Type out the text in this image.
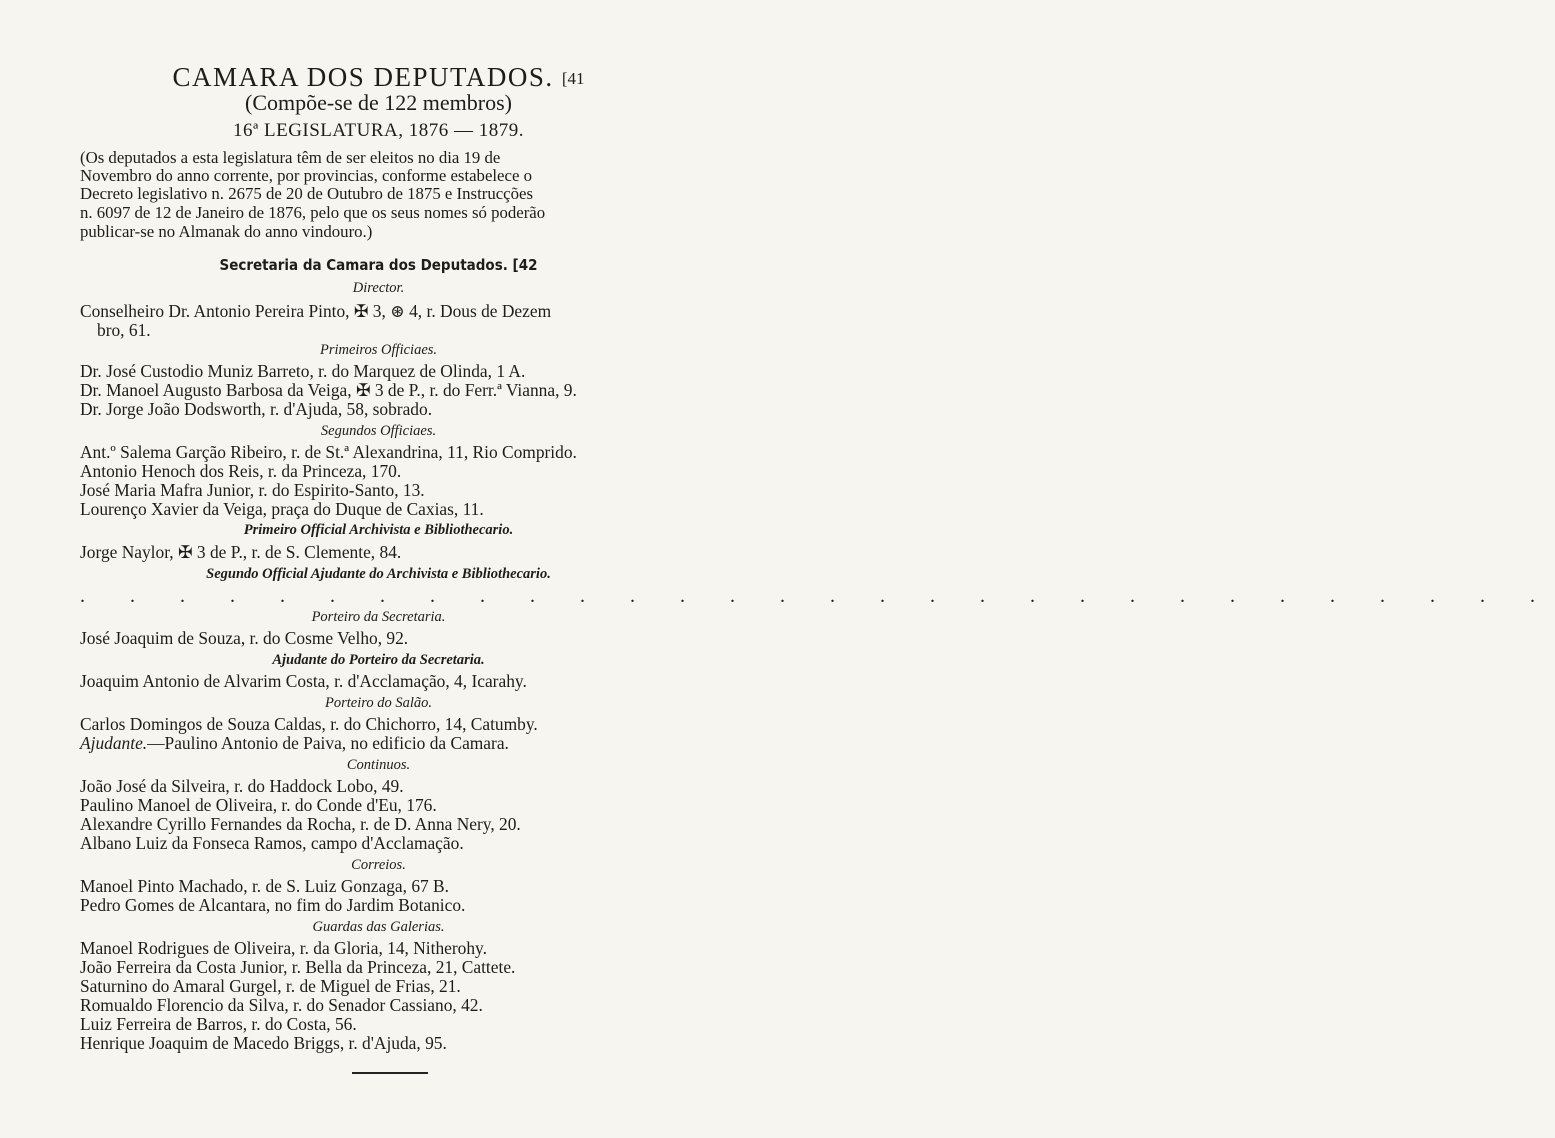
CAMARA DOS DEPUTADOS. [41
(Compõe-se de 122 membros)
16ª LEGISLATURA, 1876 — 1879.
(Os deputados a esta legislatura têm de ser eleitos no dia 19 de
Novembro do anno corrente, por provincias, conforme estabelece o
Decreto legislativo n. 2675 de 20 de Outubro de 1875 e Instrucções
n. 6097 de 12 de Janeiro de 1876, pelo que os seus nomes só poderão
publicar-se no Almanak do anno vindouro.)
Secretaria da Camara dos Deputados. [42
Director.
Conselheiro Dr. Antonio Pereira Pinto, ✠ 3, ⊛ 4, r. Dous de Dezem
bro, 61.
Primeiros Officiaes.
Dr. José Custodio Muniz Barreto, r. do Marquez de Olinda, 1 A.
Dr. Manoel Augusto Barbosa da Veiga, ✠ 3 de P., r. do Ferr.ª Vianna, 9.
Dr. Jorge João Dodsworth, r. d'Ajuda, 58, sobrado.
Segundos Officiaes.
Ant.º Salema Garção Ribeiro, r. de St.ª Alexandrina, 11, Rio Comprido.
Antonio Henoch dos Reis, r. da Princeza, 170.
José Maria Mafra Junior, r. do Espirito-Santo, 13.
Lourenço Xavier da Veiga, praça do Duque de Caxias, 11.
Primeiro Official Archivista e Bibliothecario.
Jorge Naylor, ✠ 3 de P., r. de S. Clemente, 84.
Segundo Official Ajudante do Archivista e Bibliothecario.
. . . . . . . . . . . . . . . . . . . . . . . . . . . . . .
Porteiro da Secretaria.
José Joaquim de Souza, r. do Cosme Velho, 92.
Ajudante do Porteiro da Secretaria.
Joaquim Antonio de Alvarim Costa, r. d'Acclamação, 4, Icarahy.
Porteiro do Salão.
Carlos Domingos de Souza Caldas, r. do Chichorro, 14, Catumby.
Ajudante.—Paulino Antonio de Paiva, no edificio da Camara.
Continuos.
João José da Silveira, r. do Haddock Lobo, 49.
Paulino Manoel de Oliveira, r. do Conde d'Eu, 176.
Alexandre Cyrillo Fernandes da Rocha, r. de D. Anna Nery, 20.
Albano Luiz da Fonseca Ramos, campo d'Acclamação.
Correios.
Manoel Pinto Machado, r. de S. Luiz Gonzaga, 67 B.
Pedro Gomes de Alcantara, no fim do Jardim Botanico.
Guardas das Galerias.
Manoel Rodrigues de Oliveira, r. da Gloria, 14, Nitherohy.
João Ferreira da Costa Junior, r. Bella da Princeza, 21, Cattete.
Saturnino do Amaral Gurgel, r. de Miguel de Frias, 21.
Romualdo Florencio da Silva, r. do Senador Cassiano, 42.
Luiz Ferreira de Barros, r. do Costa, 56.
Henrique Joaquim de Macedo Briggs, r. d'Ajuda, 95.
